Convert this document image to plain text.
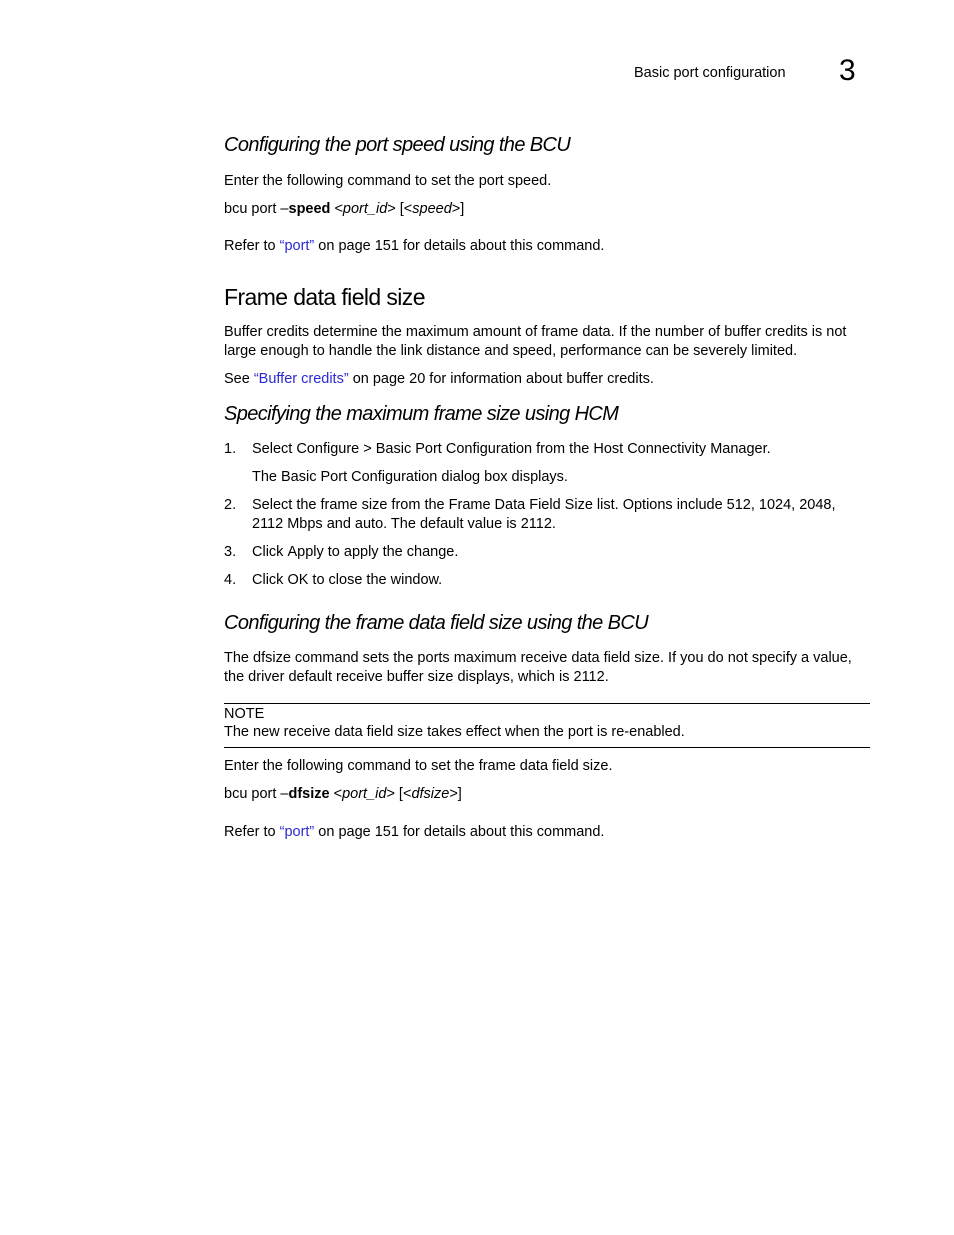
Basic port configuration 3
Configuring the port speed using the BCU
Enter the following command to set the port speed.
bcu port –speed <port_id> [<speed>]
Refer to “port” on page 151 for details about this command.
Frame data field size
Buffer credits determine the maximum amount of frame data. If the number of buffer credits is not
large enough to handle the link distance and speed, performance can be severely limited.
See “Buffer credits” on page 20 for information about buffer credits.
Specifying the maximum frame size using HCM
1. Select Configure > Basic Port Configuration from the Host Connectivity Manager.
The Basic Port Configuration dialog box displays.
2. Select the frame size from the Frame Data Field Size list. Options include 512, 1024, 2048,
2112 Mbps and auto. The default value is 2112.
3. Click Apply to apply the change.
4. Click OK to close the window.
Configuring the frame data field size using the BCU
The dfsize command sets the ports maximum receive data field size. If you do not specify a value,
the driver default receive buffer size displays, which is 2112.
NOTE
The new receive data field size takes effect when the port is re-enabled.
Enter the following command to set the frame data field size.
bcu port –dfsize <port_id> [<dfsize>]
Refer to “port” on page 151 for details about this command.
